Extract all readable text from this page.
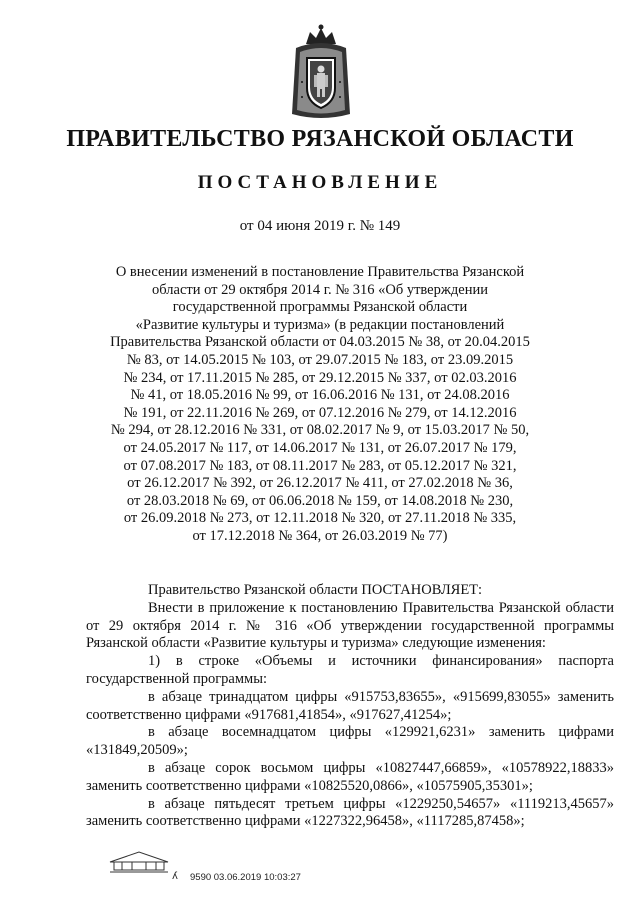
ПРАВИТЕЛЬСТВО РЯЗАНСКОЙ ОБЛАСТИ
ПОСТАНОВЛЕНИЕ
от 04 июня 2019 г. № 149
О внесении изменений в постановление Правительства Рязанской
области от 29 октября 2014 г. № 316 «Об утверждении
государственной программы Рязанской области
«Развитие культуры и туризма» (в редакции постановлений
Правительства Рязанской области от 04.03.2015 № 38, от 20.04.2015
№ 83, от 14.05.2015 № 103, от 29.07.2015 № 183, от 23.09.2015
№ 234, от 17.11.2015 № 285, от 29.12.2015 № 337, от 02.03.2016
№ 41, от 18.05.2016 № 99, от 16.06.2016 № 131, от 24.08.2016
№ 191, от 22.11.2016 № 269, от 07.12.2016 № 279, от 14.12.2016
№ 294, от 28.12.2016 № 331, от 08.02.2017 № 9, от 15.03.2017 № 50,
от 24.05.2017 № 117, от 14.06.2017 № 131, от 26.07.2017 № 179,
от 07.08.2017 № 183, от 08.11.2017 № 283, от 05.12.2017 № 321,
от 26.12.2017 № 392, от 26.12.2017 № 411, от 27.02.2018 № 36,
от 28.03.2018 № 69, от 06.06.2018 № 159, от 14.08.2018 № 230,
от 26.09.2018 № 273, от 12.11.2018 № 320, от 27.11.2018 № 335,
от 17.12.2018 № 364, от 26.03.2019 № 77)

Правительство Рязанской области ПОСТАНОВЛЯЕТ:

Внести в приложение к постановлению Правительства Рязанской области от 29 октября 2014 г. № 316 «Об утверждении государственной программы Рязанской области «Развитие культуры и туризма» следующие изменения:

1) в строке «Объемы и источники финансирования» паспорта государственной программы:

в абзаце тринадцатом цифры «915753,83655», «915699,83055» заменить соответственно цифрами «917681,41854», «917627,41254»;

в абзаце восемнадцатом цифры «129921,6231» заменить цифрами «131849,20509»;

в абзаце сорок восьмом цифры «10827447,66859», «10578922,18833» заменить соответственно цифрами «10825520,0866», «10575905,35301»;

в абзаце пятьдесят третьем цифры «1229250,54657» «1119213,45657» заменить соответственно цифрами «1227322,96458», «1117285,87458»;

ʎ 9590 03.06.2019 10:03:27
